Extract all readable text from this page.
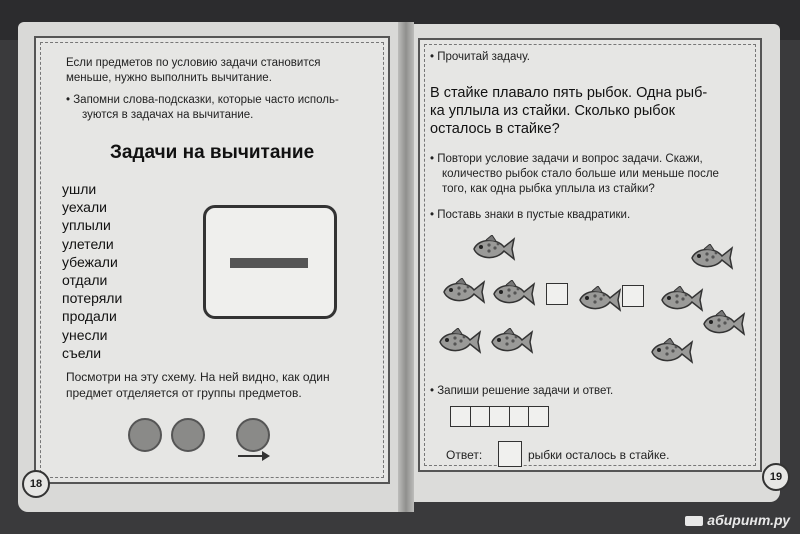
Если предметов по условию задачи становится
меньше, нужно выполнить вычитание.
• Запомни слова-подсказки, которые часто исполь-
зуются в задачах на вычитание.
Задачи на вычитание
ушли
уехали
уплыли
улетели
убежали
отдали
потеряли
продали
унесли
съели
Посмотри на эту схему. На ней видно, как один
предмет отделяется от группы предметов.
18
• Прочитай задачу.
В стайке плавало пять рыбок. Одна рыб-
ка уплыла из стайки. Сколько рыбок
осталось в стайке?
• Повтори условие задачи и вопрос задачи. Скажи,
количество рыбок стало больше или меньше после
того, как одна рыбка уплыла из стайки?
• Поставь знаки в пустые квадратики.
• Запиши решение задачи и ответ.
Ответ:	рыбки осталось в стайке.
19
абиринт.ру
